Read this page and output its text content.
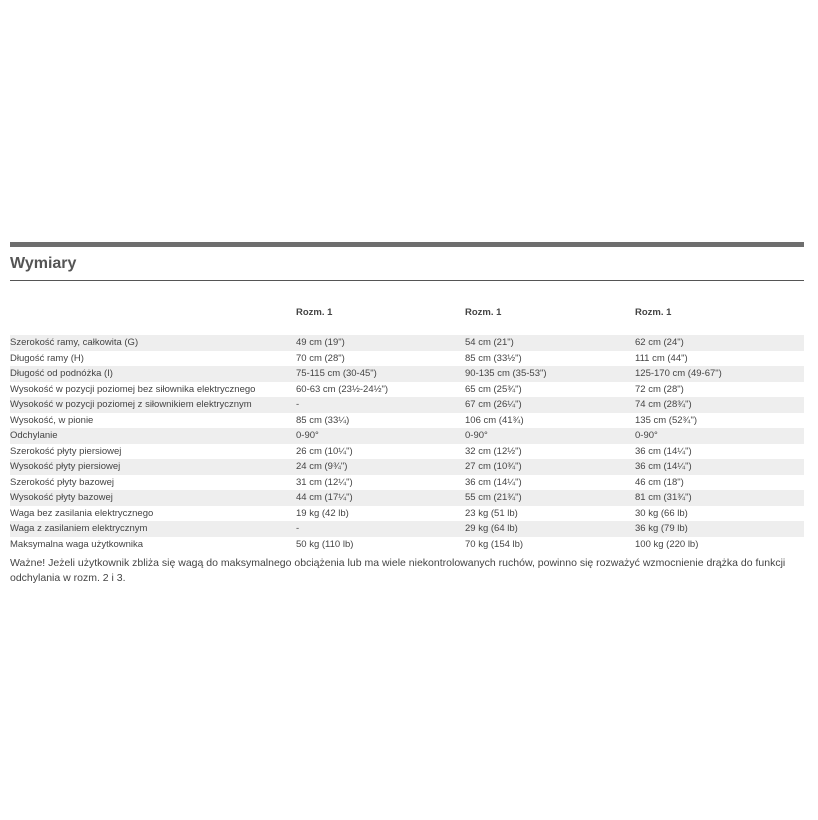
Wymiary
	Rozm. 1	Rozm. 1	Rozm. 1

Szerokość ramy, całkowita (G)	49 cm (19")	54 cm (21")	62 cm (24")
Długość ramy (H)	70 cm (28")	85 cm (33½")	111 cm (44")
Długość od podnóżka (I)	75-115 cm (30-45")	90-135 cm (35-53")	125-170 cm (49-67")
Wysokość w pozycji poziomej bez siłownika elektrycznego	60-63 cm (23½-24½")	65 cm (25¾")	72 cm (28")
Wysokość w pozycji poziomej z siłownikiem elektrycznym	-	67 cm (26¼")	74 cm (28¾")
Wysokość, w pionie	85 cm (33¼)	106 cm (41¾)	135 cm (52¾")
Odchylanie	0-90°	0-90°	0-90°
Szerokość płyty piersiowej	26 cm (10¼")	32 cm (12½")	36 cm (14¼")
Wysokość płyty piersiowej	24 cm (9¾")	27 cm (10¾")	36 cm (14¼")
Szerokość płyty bazowej	31 cm (12¼")	36 cm (14¼")	46 cm (18")
Wysokość płyty bazowej	44 cm (17¼")	55 cm (21¾")	81 cm (31¾")
Waga bez zasilania elektrycznego	19 kg (42 lb)	23 kg (51 lb)	30 kg (66 lb)
Waga z zasilaniem elektrycznym	-	29 kg (64 lb)	36 kg (79 lb)
Maksymalna waga użytkownika	50 kg (110 lb)	70 kg (154 lb)	100 kg (220 lb)
Ważne! Jeżeli użytkownik zbliża się wagą do maksymalnego obciążenia lub ma wiele niekontrolowanych ruchów, powinno się rozważyć wzmocnienie drążka do funkcji odchylania w rozm. 2 i 3.
